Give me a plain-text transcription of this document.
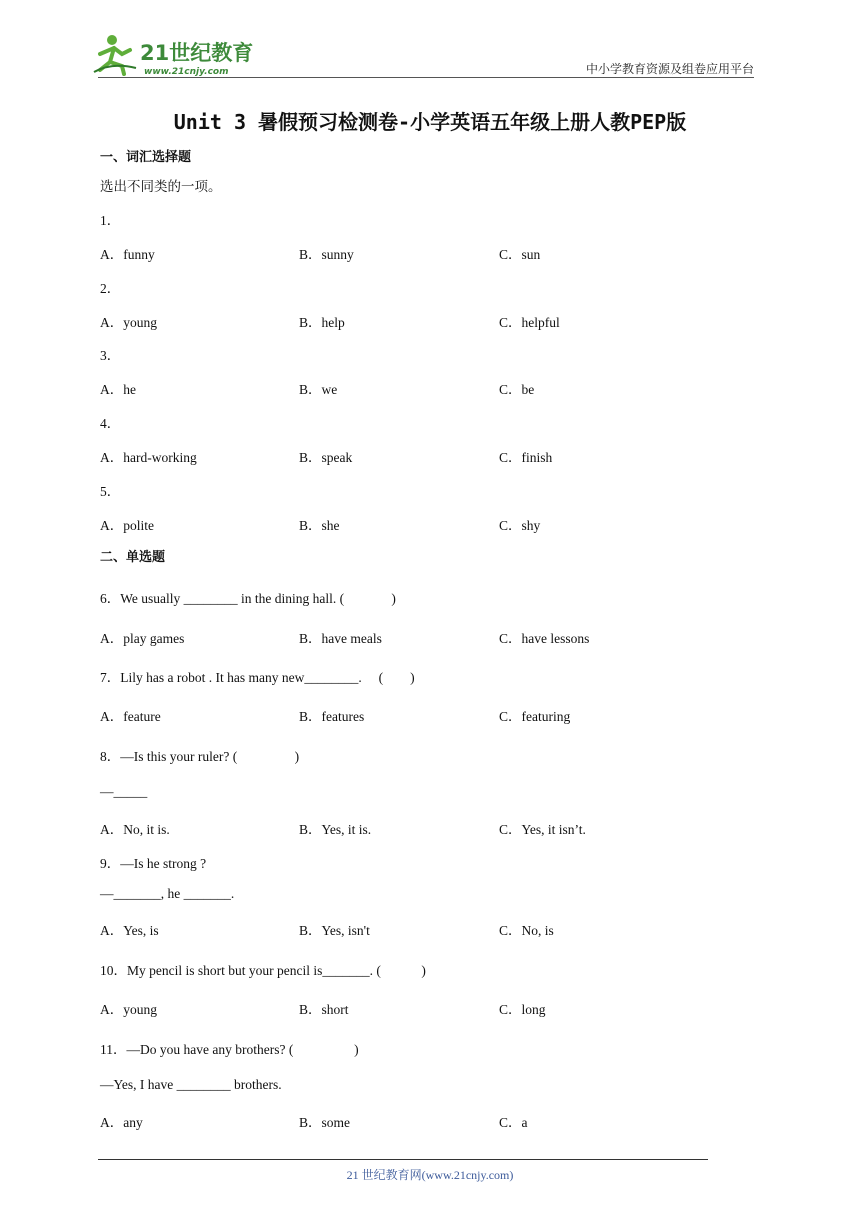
21世纪教育
www.21cnjy.com	中小学教育资源及组卷应用平台
Unit 3 暑假预习检测卷-小学英语五年级上册人教PEP版
一、词汇选择题
选出不同类的一项。
1．
A．funny	B．sunny	C．sun
2．
A．young	B．help	C．helpful
3．
A．he	B．we	C．be
4．
A．hard-working	B．speak	C．finish
5．
A．polite	B．she	C．shy
二、单选题
6．We usually ________ in the dining hall. (              )
A．play games	B．have meals	C．have lessons
7．Lily has a robot . It has many new________.     (        )
A．feature	B．features	C．featuring
8．—Is this your ruler? (                 )
—_____
A．No, it is.	B．Yes, it is.	C．Yes, it isn’t.
9．—Is he strong ?
—_______, he _______.
A．Yes, is	B．Yes, isn't	C．No, is
10．My pencil is short but your pencil is_______. (            )
A．young	B．short	C．long
11．—Do you have any brothers? (                  )
—Yes, I have ________ brothers.
A．any	B．some	C．a
21 世纪教育网(www.21cnjy.com)
